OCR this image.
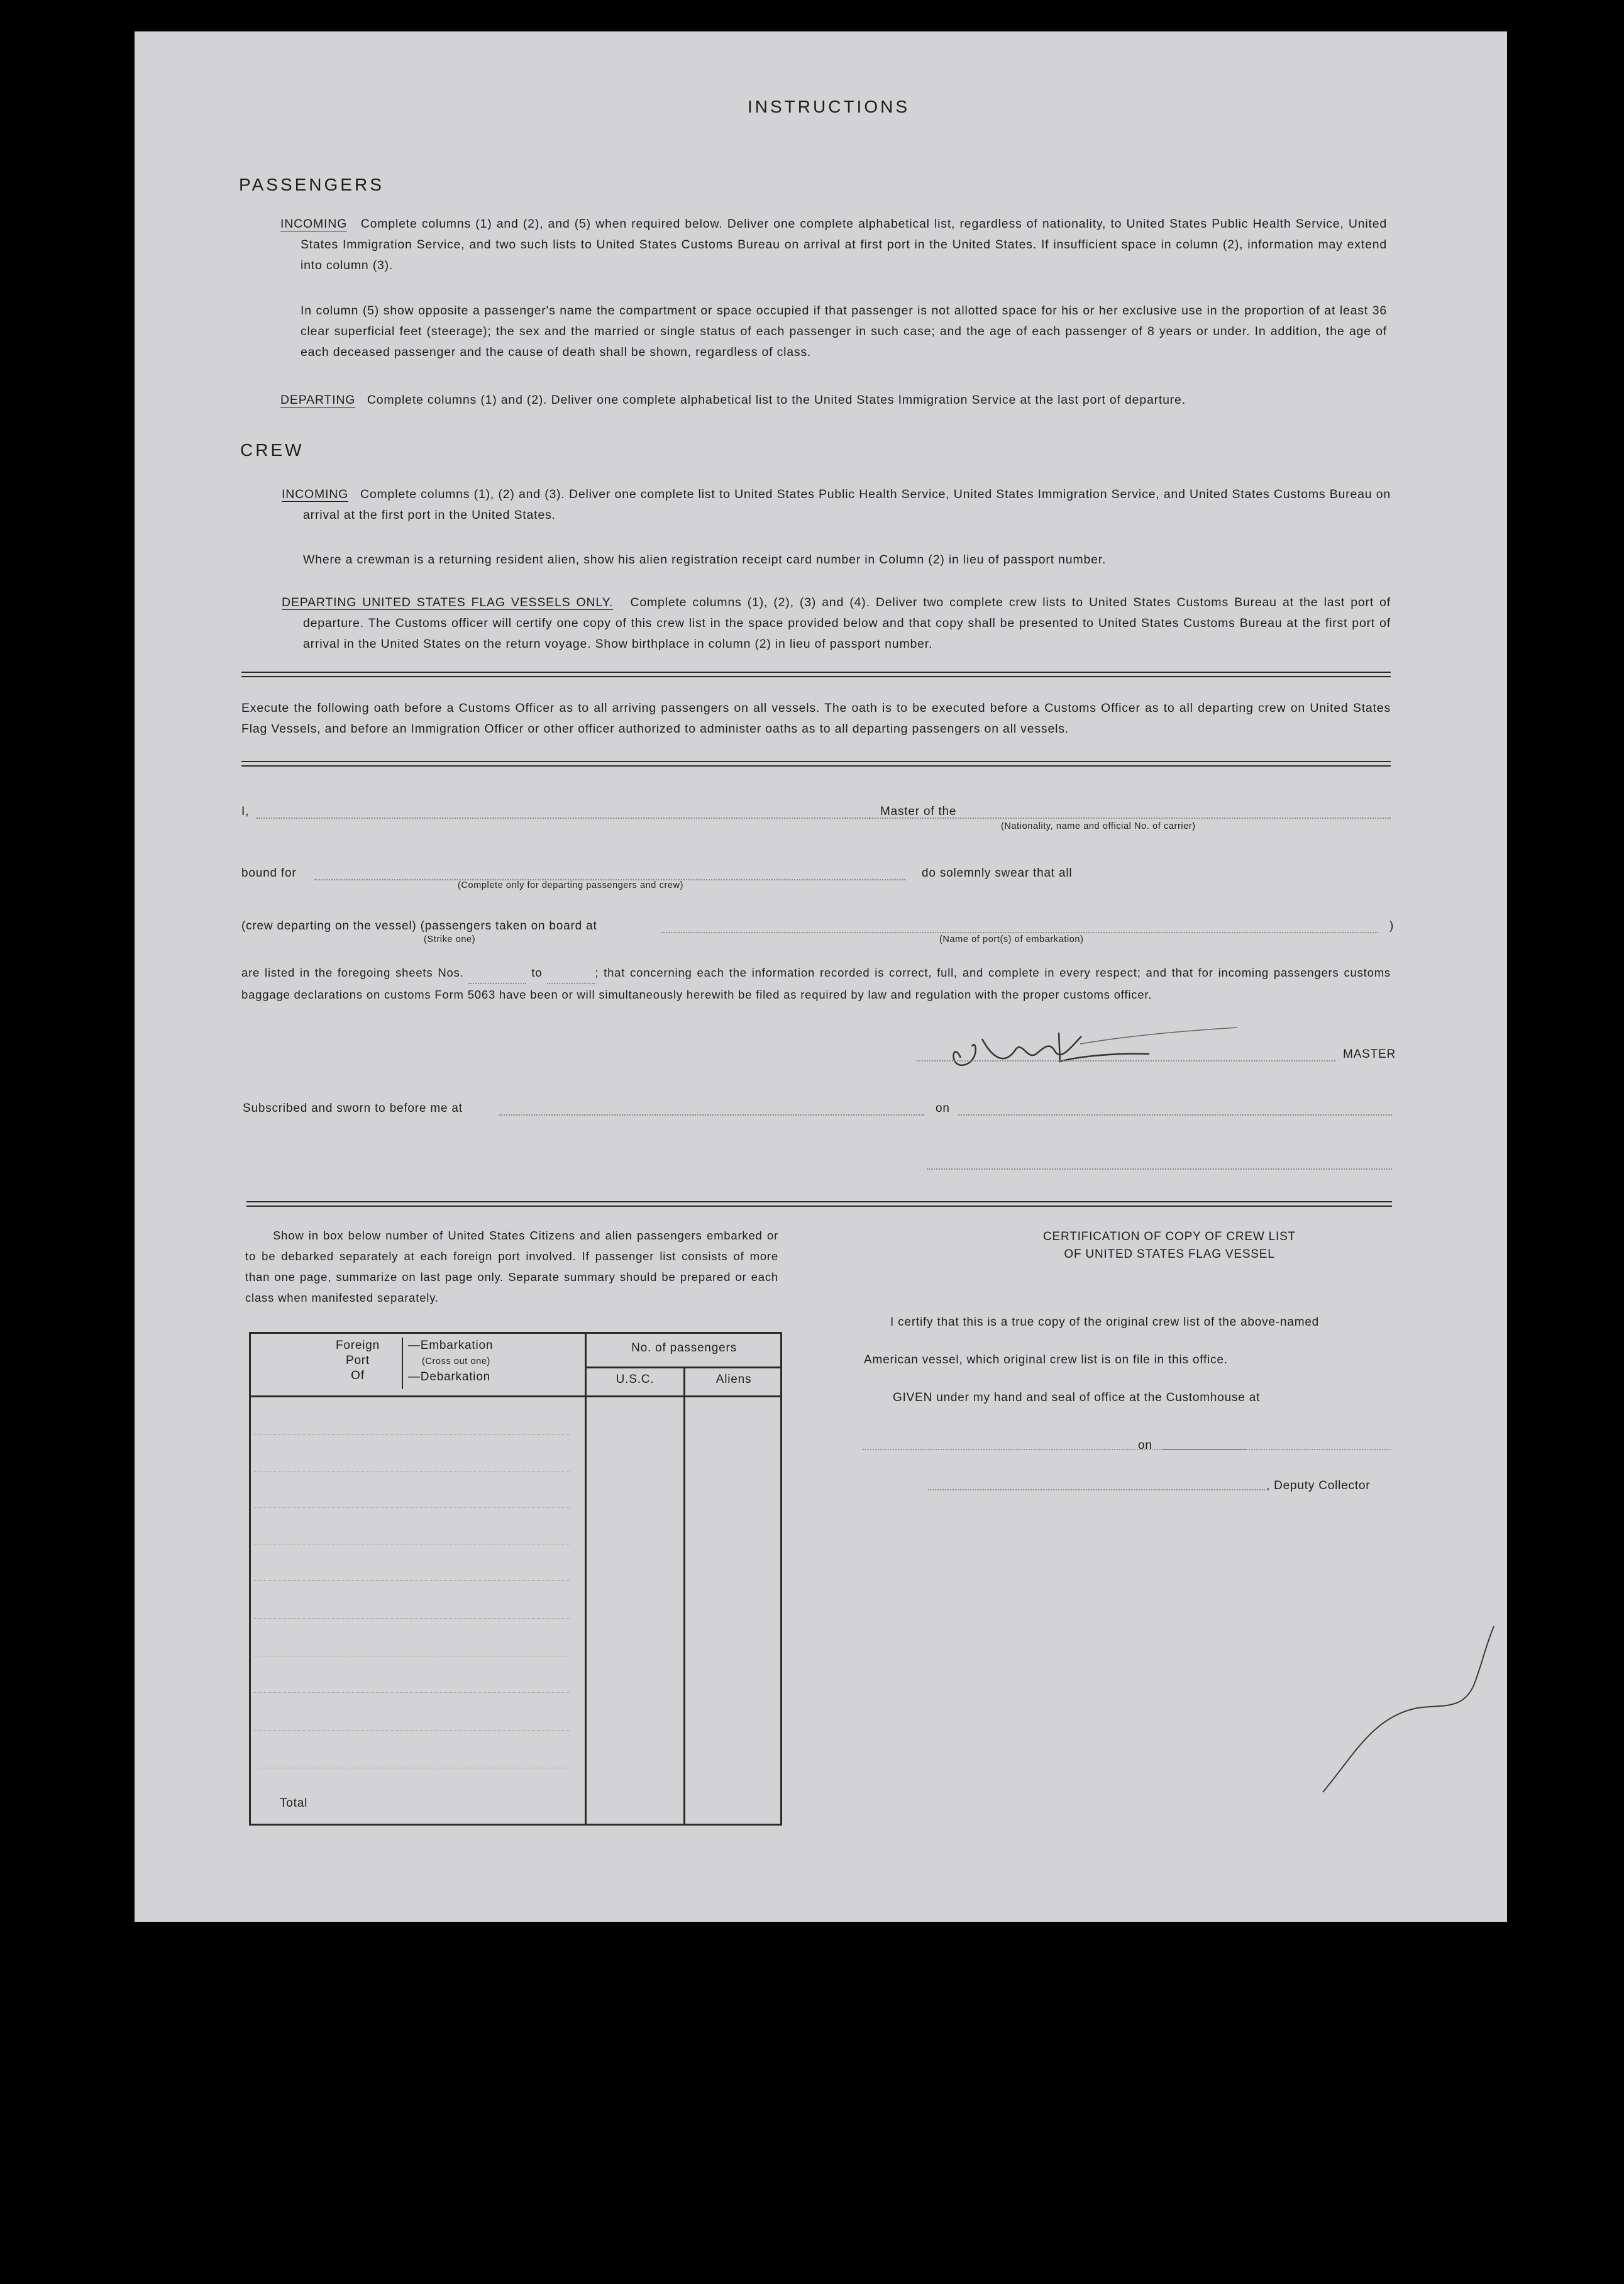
INSTRUCTIONS
PASSENGERS
INCOMING Complete columns (1) and (2), and (5) when required below. Deliver one complete alphabetical list, regardless of nationality, to United States Public Health Service, United States Immigration Service, and two such lists to United States Customs Bureau on arrival at first port in the United States. If insufficient space in column (2), information may extend into column (3).
In column (5) show opposite a passenger's name the compartment or space occupied if that passenger is not allotted space for his or her exclusive use in the proportion of at least 36 clear superficial feet (steerage); the sex and the married or single status of each passenger in such case; and the age of each passenger of 8 years or under. In addition, the age of each deceased passenger and the cause of death shall be shown, regardless of class.
DEPARTING Complete columns (1) and (2). Deliver one complete alphabetical list to the United States Immigration Service at the last port of departure.
CREW
INCOMING Complete columns (1), (2) and (3). Deliver one complete list to United States Public Health Service, United States Immigration Service, and United States Customs Bureau on arrival at the first port in the United States.
Where a crewman is a returning resident alien, show his alien registration receipt card number in Column (2) in lieu of passport number.
DEPARTING UNITED STATES FLAG VESSELS ONLY. Complete columns (1), (2), (3) and (4). Deliver two complete crew lists to United States Customs Bureau at the last port of departure. The Customs officer will certify one copy of this crew list in the space provided below and that copy shall be presented to United States Customs Bureau at the first port of arrival in the United States on the return voyage. Show birthplace in column (2) in lieu of passport number.
Execute the following oath before a Customs Officer as to all arriving passengers on all vessels. The oath is to be executed before a Customs Officer as to all departing crew on United States Flag Vessels, and before an Immigration Officer or other officer authorized to administer oaths as to all departing passengers on all vessels.
I,	Master of the
(Nationality, name and official No. of carrier)
bound for
(Complete only for departing passengers and crew)
do solemnly swear that all
(crew departing on the vessel) (passengers taken on board at
(Strike one)	(Name of port(s) of embarkation)
)
are listed in the foregoing sheets Nos.	to	; that concerning each the information recorded is correct, full, and complete in every respect; and that for incoming passengers customs baggage declarations on customs Form 5063 have been or will simultaneously herewith be filed as required by law and regulation with the proper customs officer.
MASTER
Subscribed and sworn to before me at	on
Show in box below number of United States Citizens and alien passengers embarked or to be debarked separately at each foreign port involved. If passenger list consists of more than one page, summarize on last page only. Separate summary should be prepared or each class when manifested separately.
Foreign
Port
Of
—Embarkation
(Cross out one)
—Debarkation
No. of passengers
U.S.C.	Aliens
Total
CERTIFICATION OF COPY OF CREW LIST
OF UNITED STATES FLAG VESSEL
I certify that this is a true copy of the original crew list of the above-named
American vessel, which original crew list is on file in this office.
GIVEN under my hand and seal of office at the Customhouse at
on
, Deputy Collector
